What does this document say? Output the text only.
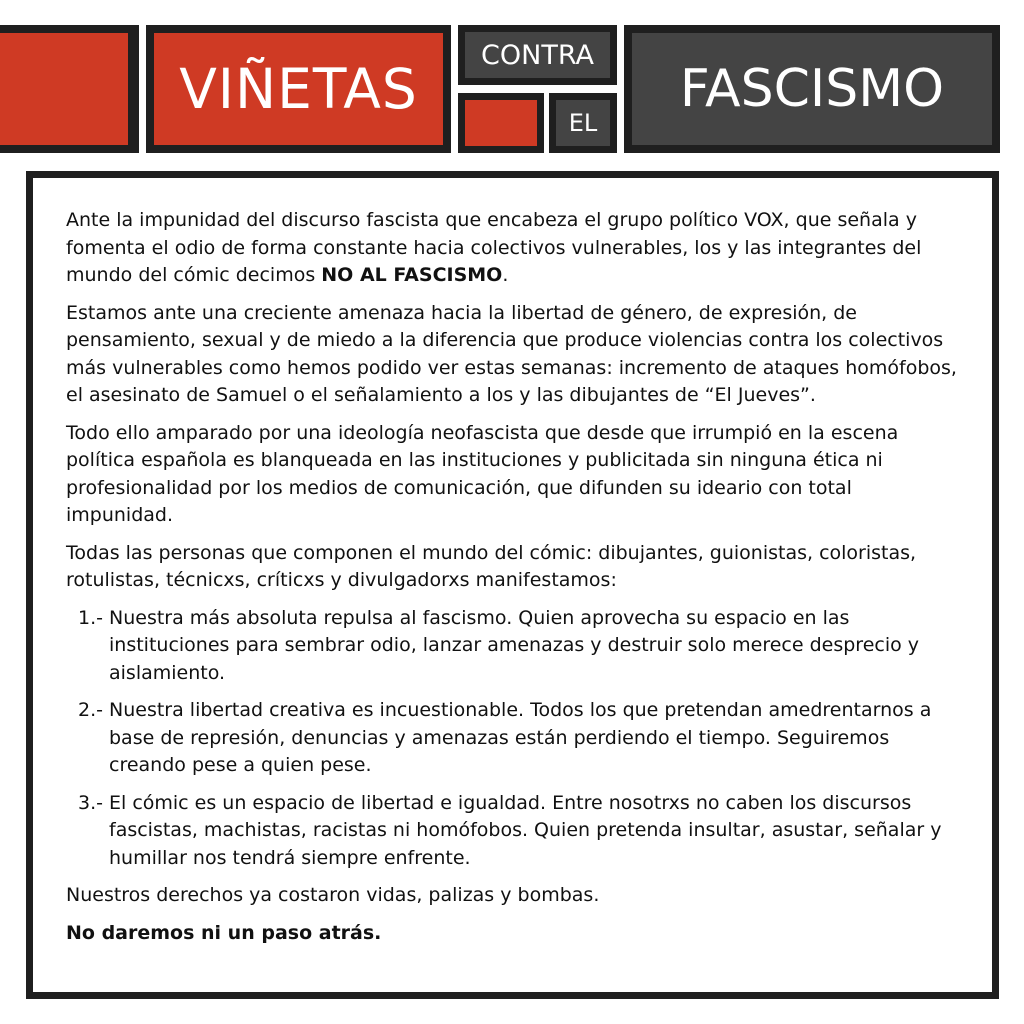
VIÑETAS
CONTRA
EL
FASCISMO

Ante la impunidad del discurso fascista que encabeza el grupo político VOX, que señala y fomenta el odio de forma constante hacia colectivos vulnerables, los y las integrantes del mundo del cómic decimos NO AL FASCISMO.

Estamos ante una creciente amenaza hacia la libertad de género, de expresión, de pensamiento, sexual y de miedo a la diferencia que produce violencias contra los colectivos más vulnerables como hemos podido ver estas semanas: incremento de ataques homófobos, el asesinato de Samuel o el señalamiento a los y las dibujantes de “El Jueves”.

Todo ello amparado por una ideología neofascista que desde que irrumpió en la escena política española es blanqueada en las instituciones y publicitada sin ninguna ética ni profesionalidad por los medios de comunicación, que difunden su ideario con total impunidad.

Todas las personas que componen el mundo del cómic: dibujantes, guionistas, coloristas, rotulistas, técnicxs, críticxs y divulgadorxs manifestamos:

1.- Nuestra más absoluta repulsa al fascismo. Quien aprovecha su espacio en las instituciones para sembrar odio, lanzar amenazas y destruir solo merece desprecio y aislamiento.
2.- Nuestra libertad creativa es incuestionable. Todos los que pretendan amedrentarnos a base de represión, denuncias y amenazas están perdiendo el tiempo. Seguiremos creando pese a quien pese.
3.- El cómic es un espacio de libertad e igualdad. Entre nosotrxs no caben los discursos fascistas, machistas, racistas ni homófobos. Quien pretenda insultar, asustar, señalar y humillar nos tendrá siempre enfrente.

Nuestros derechos ya costaron vidas, palizas y bombas.

No daremos ni un paso atrás.
